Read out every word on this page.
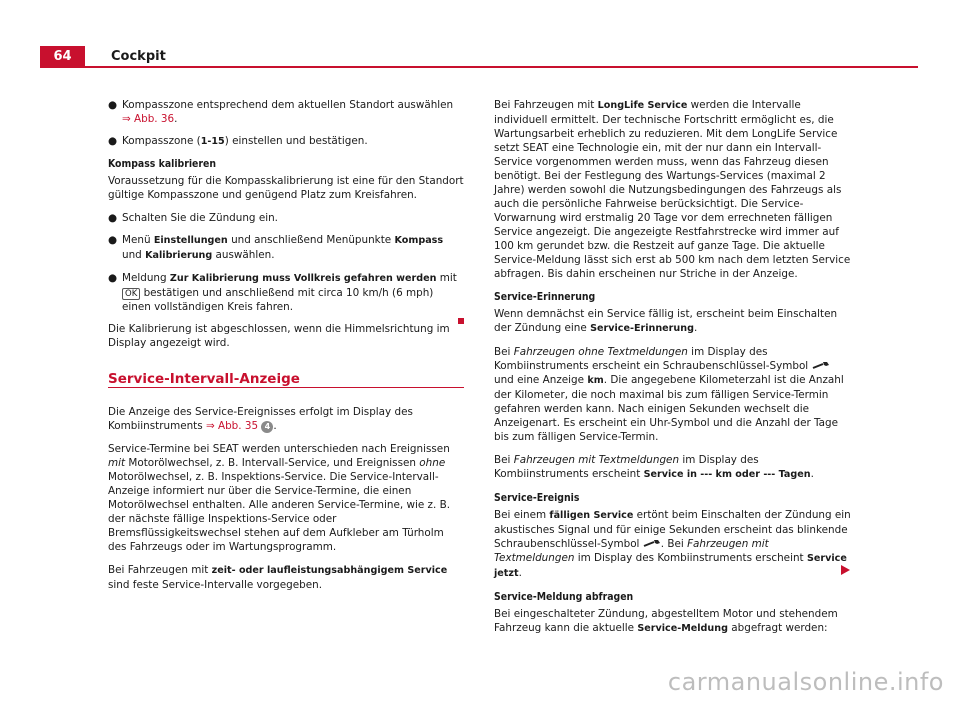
64	Cockpit
● Kompasszone entsprechend dem aktuellen Standort auswählen
⇒ Abb. 36.
● Kompasszone (1-15) einstellen und bestätigen.
Kompass kalibrieren

Voraussetzung für die Kompasskalibrierung ist eine für den Standort gültige Kompasszone und genügend Platz zum Kreisfahren.

● Schalten Sie die Zündung ein.
● Menü Einstellungen und anschließend Menüpunkte Kompass und Kalibrierung auswählen.
● Meldung Zur Kalibrierung muss Vollkreis gefahren werden mit OK bestätigen und anschließend mit circa 10 km/h (6 mph) einen vollständigen Kreis fahren.

Die Kalibrierung ist abgeschlossen, wenn die Himmelsrichtung im Display angezeigt wird.

Service-Intervall-Anzeige

Die Anzeige des Service-Ereignisses erfolgt im Display des Kombiinstruments ⇒ Abb. 35 4 .

Service-Termine bei SEAT werden unterschieden nach Ereignissen mit Motorölwechsel, z. B. Intervall-Service, und Ereignissen ohne Motorölwechsel, z. B. Inspektions-Service. Die Service-Intervall-Anzeige informiert nur über die Service-Termine, die einen Motorölwechsel enthalten. Alle anderen Service-Termine, wie z. B. der nächste fällige Inspektions-Service oder Bremsflüssigkeitswechsel stehen auf dem Aufkleber am Türholm des Fahrzeugs oder im Wartungsprogramm.

Bei Fahrzeugen mit zeit- oder laufleistungsabhängigem Service sind feste Service-Intervalle vorgegeben.

Bei Fahrzeugen mit LongLife Service werden die Intervalle individuell ermittelt. Der technische Fortschritt ermöglicht es, die Wartungsarbeit erheblich zu reduzieren. Mit dem LongLife Service setzt SEAT eine Technologie ein, mit der nur dann ein Intervall-Service vorgenommen werden muss, wenn das Fahrzeug diesen benötigt. Bei der Festlegung des Wartungs-Services (maximal 2 Jahre) werden sowohl die Nutzungsbedingungen des Fahrzeugs als auch die persönliche Fahrweise berücksichtigt. Die Service-Vorwarnung wird erstmalig 20 Tage vor dem errechneten fälligen Service angezeigt. Die angezeigte Restfahrstrecke wird immer auf 100 km gerundet bzw. die Restzeit auf ganze Tage. Die aktuelle Service-Meldung lässt sich erst ab 500 km nach dem letzten Service abfragen. Bis dahin erscheinen nur Striche in der Anzeige.

Service-Erinnerung

Wenn demnächst ein Service fällig ist, erscheint beim Einschalten der Zündung eine Service-Erinnerung.

Bei Fahrzeugen ohne Textmeldungen im Display des Kombiinstruments erscheint ein Schraubenschlüssel-Symbol  und eine Anzeige km. Die angegebene Kilometerzahl ist die Anzahl der Kilometer, die noch maximal bis zum fälligen Service-Termin gefahren werden kann. Nach einigen Sekunden wechselt die Anzeigenart. Es erscheint ein Uhr-Symbol und die Anzahl der Tage bis zum fälligen Service-Termin.

Bei Fahrzeugen mit Textmeldungen im Display des Kombiinstruments erscheint Service in --- km oder --- Tagen.

Service-Ereignis

Bei einem fälligen Service ertönt beim Einschalten der Zündung ein akustisches Signal und für einige Sekunden erscheint das blinkende Schraubenschlüssel-Symbol . Bei Fahrzeugen mit Textmeldungen im Display des Kombiinstruments erscheint Service jetzt.

Service-Meldung abfragen

Bei eingeschalteter Zündung, abgestelltem Motor und stehendem Fahrzeug kann die aktuelle Service-Meldung abgefragt werden:

carmanualsonline.info
